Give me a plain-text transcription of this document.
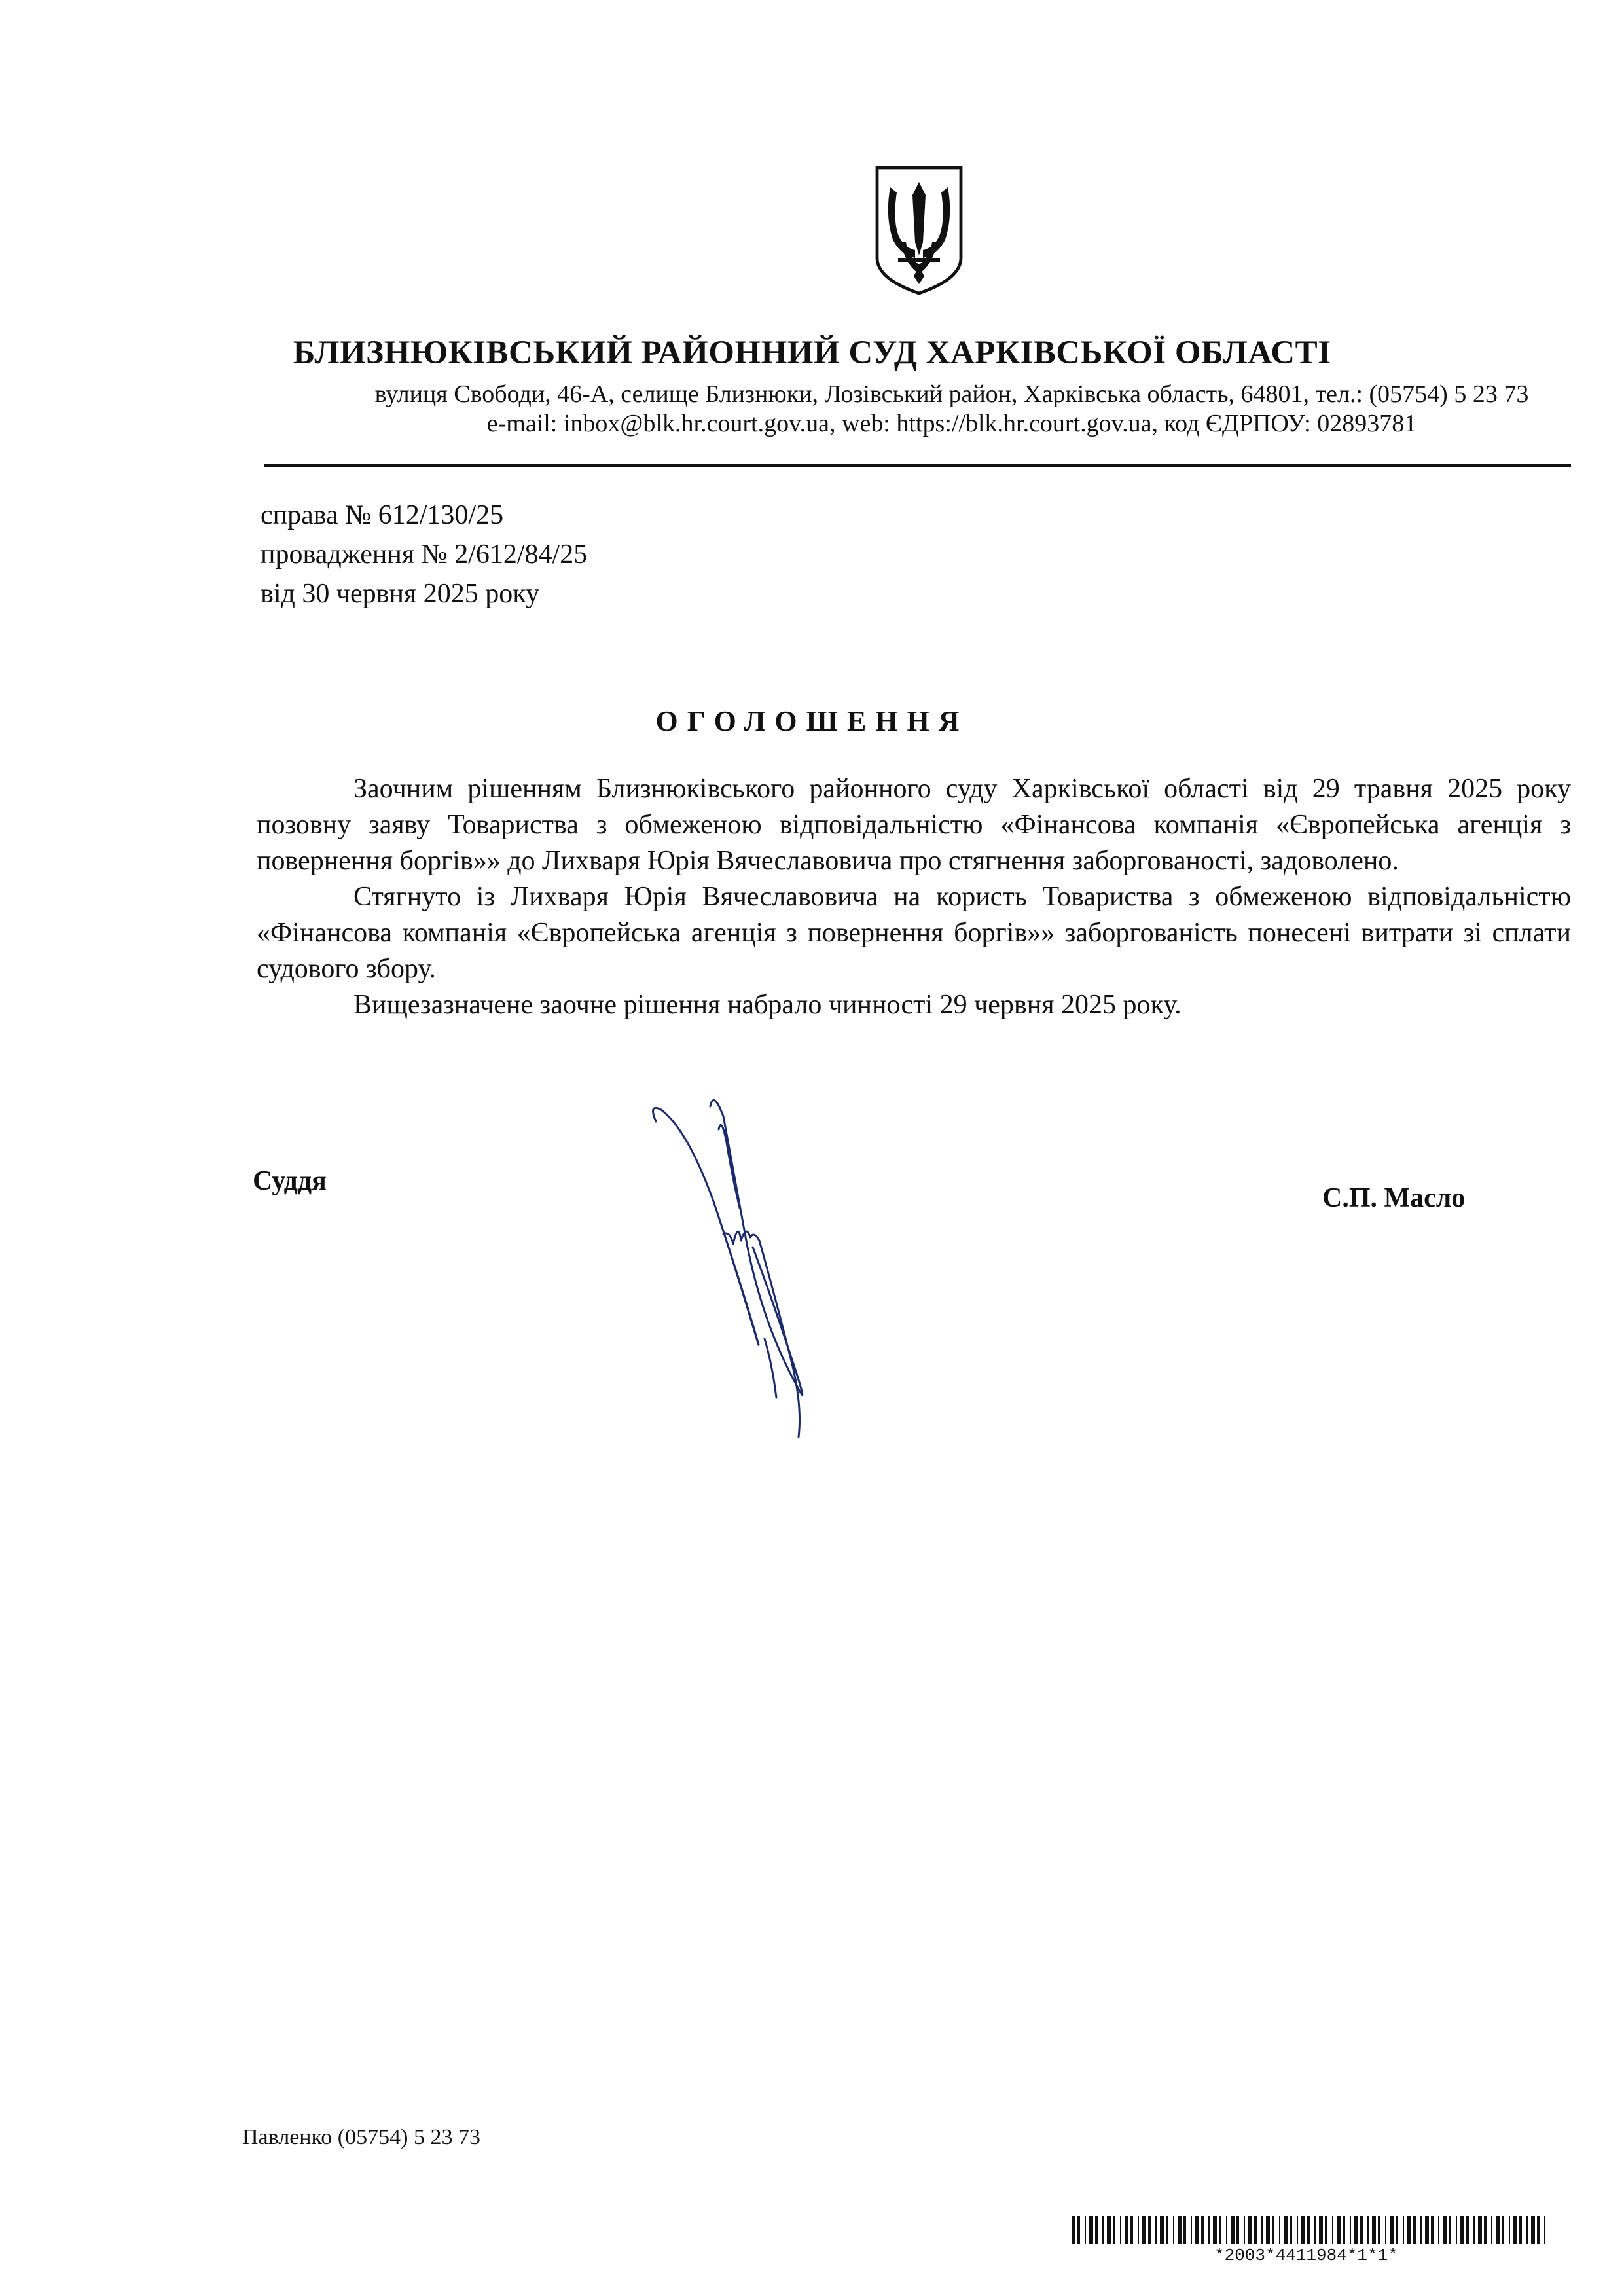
БЛИЗНЮКІВСЬКИЙ РАЙОННИЙ СУД ХАРКІВСЬКОЇ ОБЛАСТІ
вулиця Свободи, 46-А, селище Близнюки, Лозівський район, Харківська область, 64801, тел.: (05754) 5 23 73
e-mail: inbox@blk.hr.court.gov.ua, web: https://blk.hr.court.gov.ua, код ЄДРПОУ: 02893781
справа № 612/130/25
провадження № 2/612/84/25
від 30 червня 2025 року
ОГОЛОШЕННЯ

Заочним рішенням Близнюківського районного суду Харківської області від 29 травня 2025 року позовну заяву Товариства з обмеженою відповідальністю «Фінансова компанія «Європейська агенція з повернення боргів»» до Лихваря Юрія Вячеславовича про стягнення заборгованості, задоволено.

Стягнуто із Лихваря Юрія Вячеславовича на користь Товариства з обмеженою відповідальністю «Фінансова компанія «Європейська агенція з повернення боргів»» заборгованість понесені витрати зі сплати судового збору.

Вищезазначене заочне рішення набрало чинності 29 червня 2025 року.

Суддя
С.П. Масло
Павленко (05754) 5 23 73
*2003*4411984*1*1*
